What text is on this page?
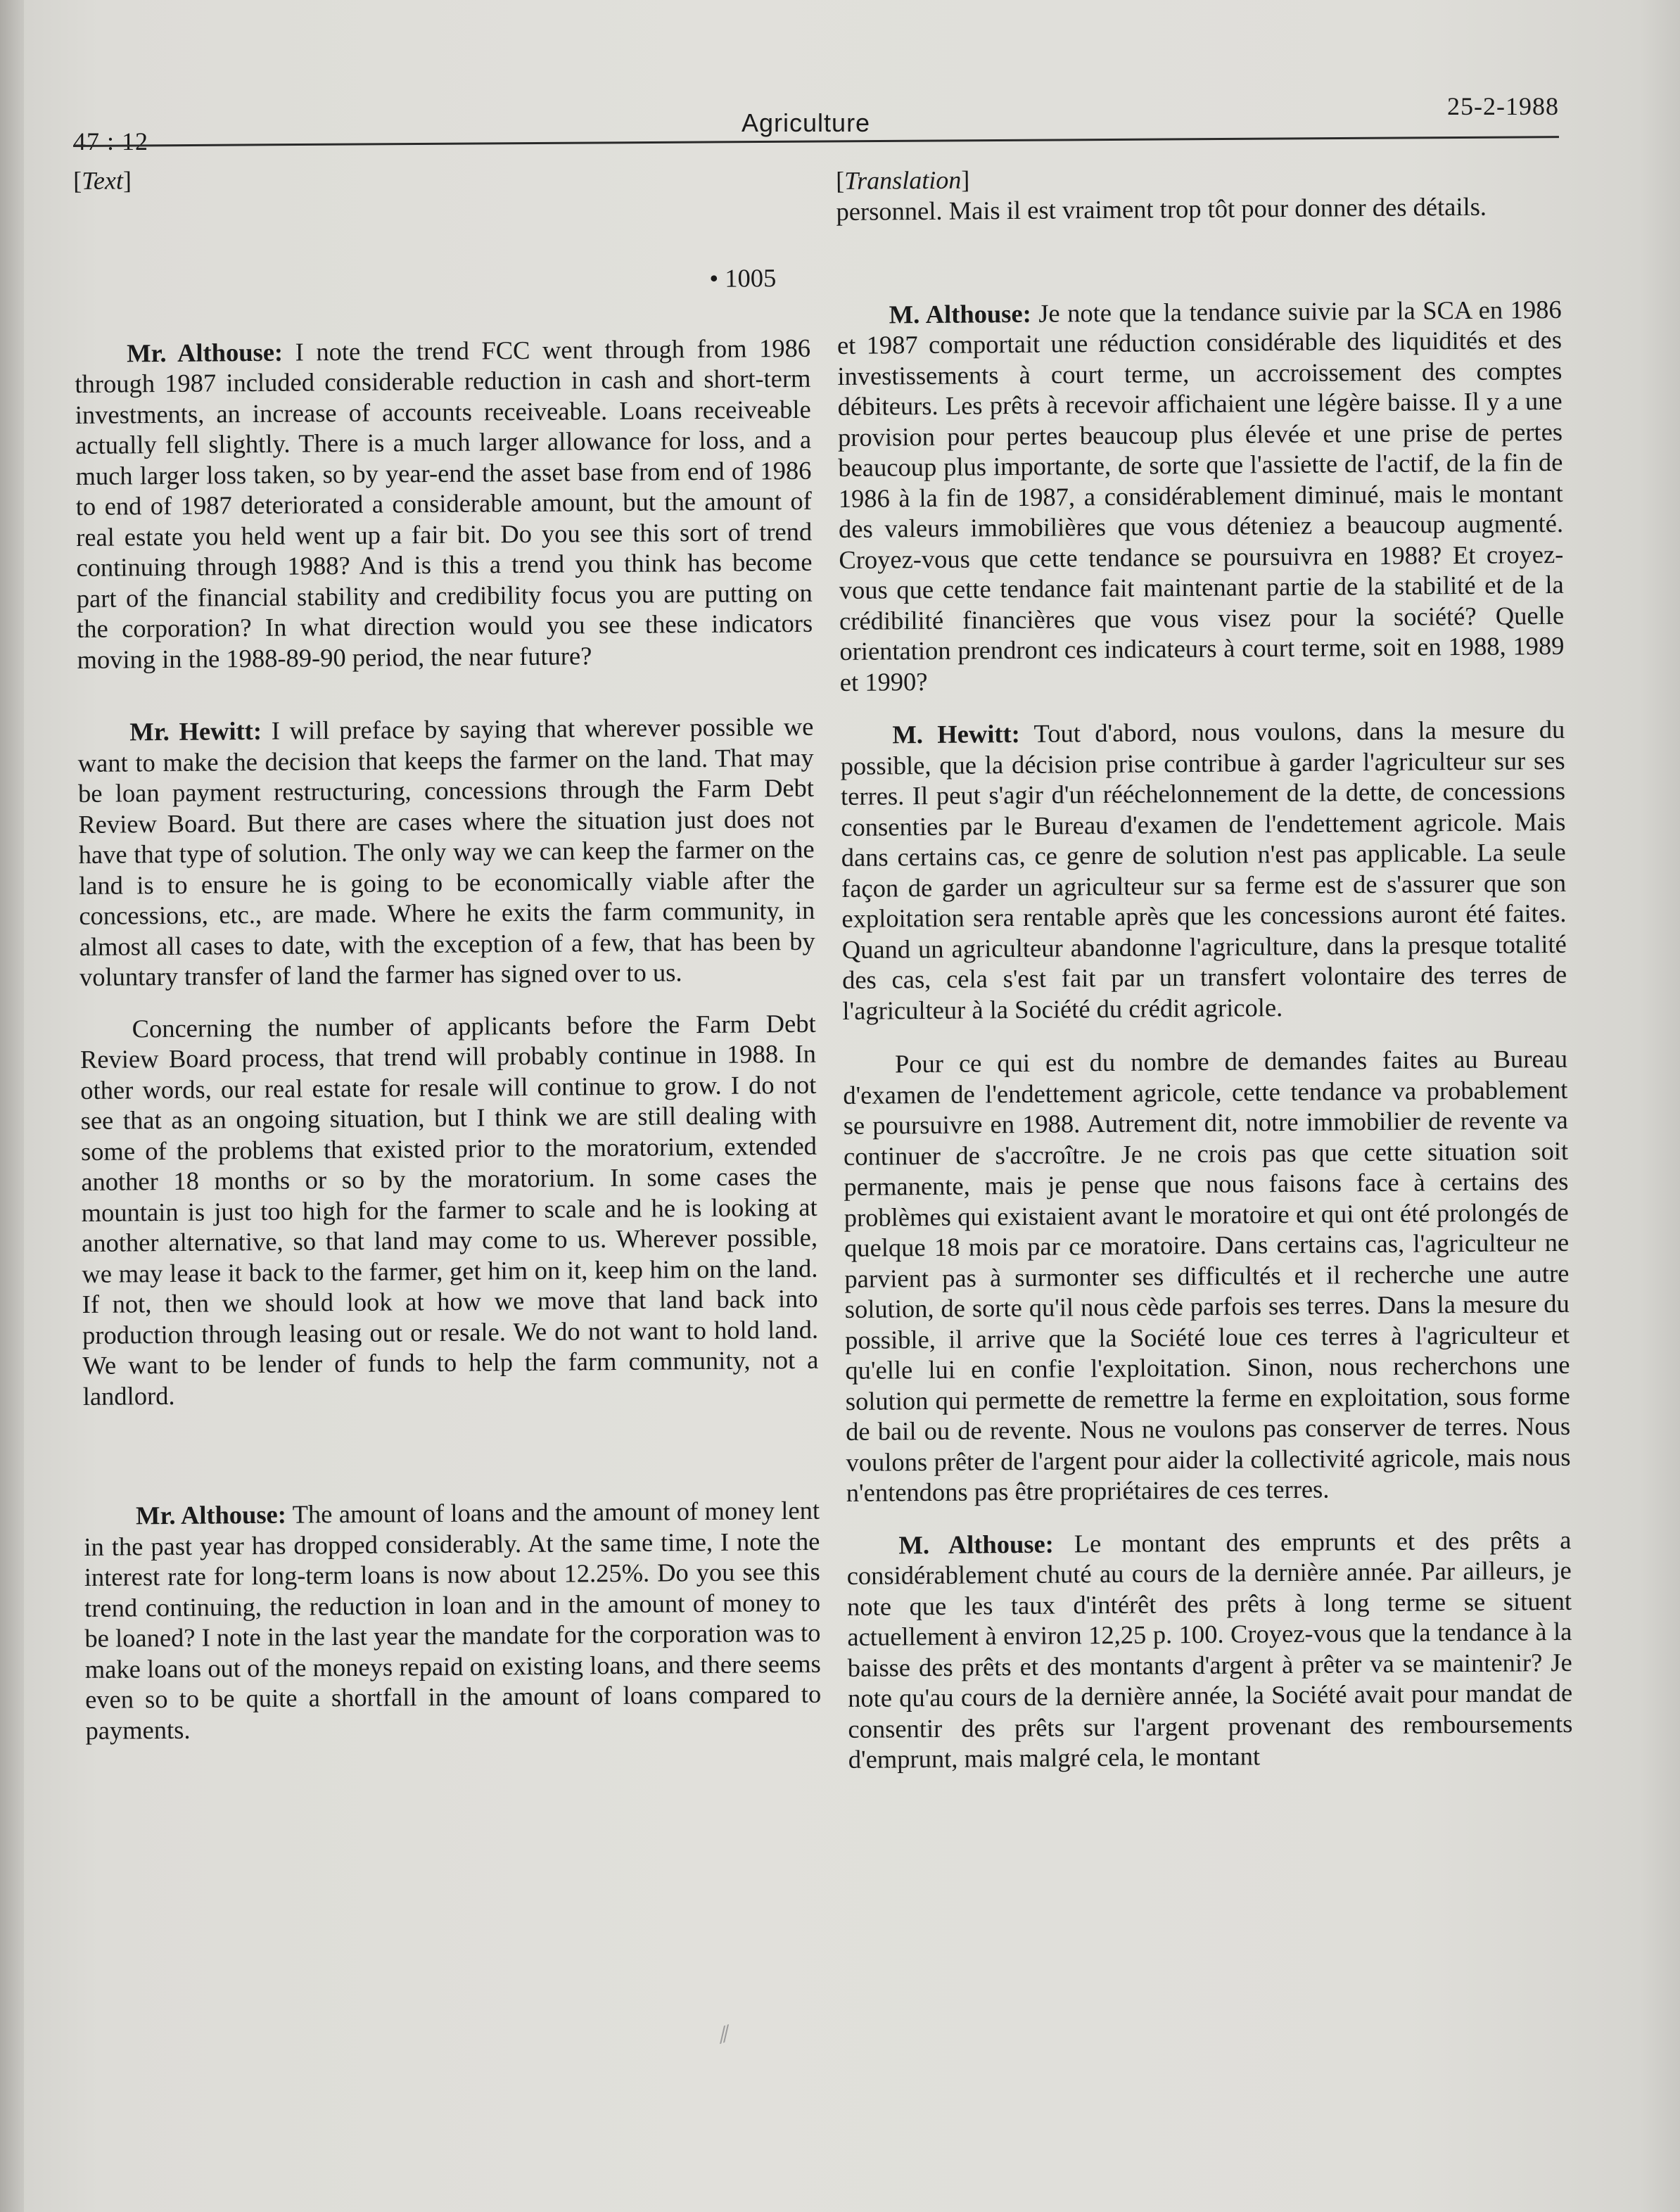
47 : 12
Agriculture
25-2-1988
[Text]
• 1005

Mr. Althouse: I note the trend FCC went through from 1986 through 1987 included considerable reduction in cash and short-term investments, an increase of accounts receiveable. Loans receiveable actually fell slightly. There is a much larger allowance for loss, and a much larger loss taken, so by year-end the asset base from end of 1986 to end of 1987 deteriorated a considerable amount, but the amount of real estate you held went up a fair bit. Do you see this sort of trend continuing through 1988? And is this a trend you think has become part of the financial stability and credibility focus you are putting on the corporation? In what direction would you see these indicators moving in the 1988-89-90 period, the near future?

Mr. Hewitt: I will preface by saying that wherever possible we want to make the decision that keeps the farmer on the land. That may be loan payment restructuring, concessions through the Farm Debt Review Board. But there are cases where the situation just does not have that type of solution. The only way we can keep the farmer on the land is to ensure he is going to be economically viable after the concessions, etc., are made. Where he exits the farm community, in almost all cases to date, with the exception of a few, that has been by voluntary transfer of land the farmer has signed over to us.

Concerning the number of applicants before the Farm Debt Review Board process, that trend will probably continue in 1988. In other words, our real estate for resale will continue to grow. I do not see that as an ongoing situation, but I think we are still dealing with some of the problems that existed prior to the moratorium, extended another 18 months or so by the moratorium. In some cases the mountain is just too high for the farmer to scale and he is looking at another alternative, so that land may come to us. Wherever possible, we may lease it back to the farmer, get him on it, keep him on the land. If not, then we should look at how we move that land back into production through leasing out or resale. We do not want to hold land. We want to be lender of funds to help the farm community, not a landlord.

Mr. Althouse: The amount of loans and the amount of money lent in the past year has dropped considerably. At the same time, I note the interest rate for long-term loans is now about 12.25%. Do you see this trend continuing, the reduction in loan and in the amount of money to be loaned? I note in the last year the mandate for the corporation was to make loans out of the moneys repaid on existing loans, and there seems even so to be quite a shortfall in the amount of loans compared to payments.

[Translation]

personnel. Mais il est vraiment trop tôt pour donner des détails.

M. Althouse: Je note que la tendance suivie par la SCA en 1986 et 1987 comportait une réduction considérable des liquidités et des investissements à court terme, un accroissement des comptes débiteurs. Les prêts à recevoir affichaient une légère baisse. Il y a une provision pour pertes beaucoup plus élevée et une prise de pertes beaucoup plus importante, de sorte que l'assiette de l'actif, de la fin de 1986 à la fin de 1987, a considérablement diminué, mais le montant des valeurs immobilières que vous déteniez a beaucoup augmenté. Croyez-vous que cette tendance se poursuivra en 1988? Et croyez-vous que cette tendance fait maintenant partie de la stabilité et de la crédibilité financières que vous visez pour la société? Quelle orientation prendront ces indicateurs à court terme, soit en 1988, 1989 et 1990?

M. Hewitt: Tout d'abord, nous voulons, dans la mesure du possible, que la décision prise contribue à garder l'agriculteur sur ses terres. Il peut s'agir d'un rééchelonnement de la dette, de concessions consenties par le Bureau d'examen de l'endettement agricole. Mais dans certains cas, ce genre de solution n'est pas applicable. La seule façon de garder un agriculteur sur sa ferme est de s'assurer que son exploitation sera rentable après que les concessions auront été faites. Quand un agriculteur abandonne l'agriculture, dans la presque totalité des cas, cela s'est fait par un transfert volontaire des terres de l'agriculteur à la Société du crédit agricole.

Pour ce qui est du nombre de demandes faites au Bureau d'examen de l'endettement agricole, cette tendance va probablement se poursuivre en 1988. Autrement dit, notre immobilier de revente va continuer de s'accroître. Je ne crois pas que cette situation soit permanente, mais je pense que nous faisons face à certains des problèmes qui existaient avant le moratoire et qui ont été prolongés de quelque 18 mois par ce moratoire. Dans certains cas, l'agriculteur ne parvient pas à surmonter ses difficultés et il recherche une autre solution, de sorte qu'il nous cède parfois ses terres. Dans la mesure du possible, il arrive que la Société loue ces terres à l'agriculteur et qu'elle lui en confie l'exploitation. Sinon, nous recherchons une solution qui permette de remettre la ferme en exploitation, sous forme de bail ou de revente. Nous ne voulons pas conserver de terres. Nous voulons prêter de l'argent pour aider la collectivité agricole, mais nous n'entendons pas être propriétaires de ces terres.

M. Althouse: Le montant des emprunts et des prêts a considérablement chuté au cours de la dernière année. Par ailleurs, je note que les taux d'intérêt des prêts à long terme se situent actuellement à environ 12,25 p. 100. Croyez-vous que la tendance à la baisse des prêts et des montants d'argent à prêter va se maintenir? Je note qu'au cours de la dernière année, la Société avait pour mandat de consentir des prêts sur l'argent provenant des remboursements d'emprunt, mais malgré cela, le montant

⁄⁄
